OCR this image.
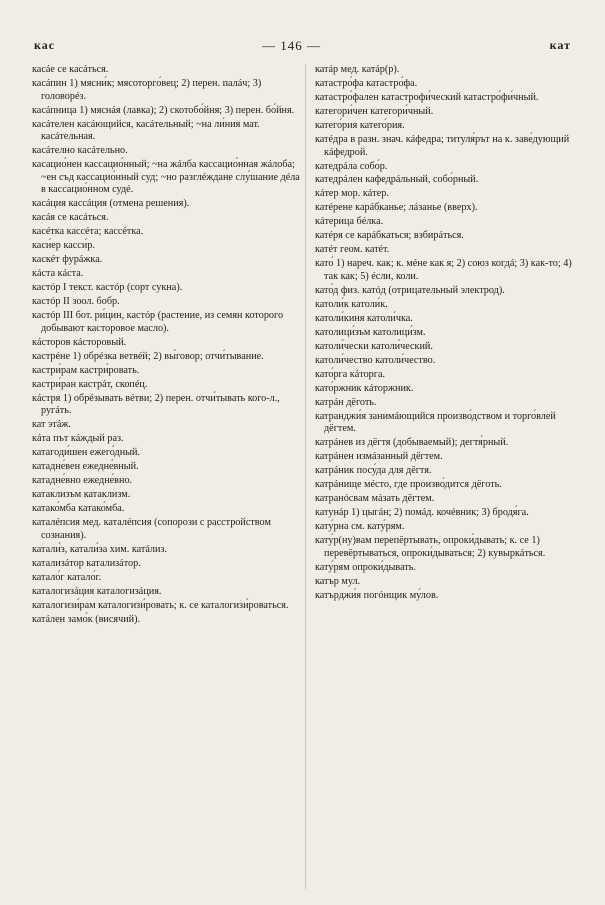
кас	— 146 —	кат

касáе се касáться.

касáпин 1) мясни́к; мясоторго́вец; 2) перен. палáч; 3) головорéз.

касáпница 1) мяснáя (лавка); 2) скотобо́йня; 3) перен. бо́йня.

касáтелен касáющийся, касáтельный; ~на ли́ния мат. касáтельная.

касáтелно касáтельно.

касацио́нен кассацио́нный; ~на жáлба кассацио́нная жáлоба; ~ен съд кассацио́нный суд; ~но разглéждане слу́шание дéла в кассацио́нном судé.

касáция кассáция (отмена решения).

касáя се касáться.

касéтка кассéта; кассéтка.

каси́ер касси́р.

каскéт фурáжка.

кáста кáста.

кастóр I текст. кастóр (сорт сукна).

кастóр II зоол. бобр.

кастóр III бот. ри́цин, кастóр (растение, из семян которого добывают касторовое масло).

кáсторов кáсторовый.

кастрéне 1) обрéзка ветвéй; 2) вы́говор; отчи́тывание.

кастри́рам кастри́ровать.

кастри́ран кастрáт, скопéц.

кáстря 1) обрéзывать вéтви; 2) перен. отчи́тывать кого-л., ругáть.

кат этáж.

кáта път кáждый раз.

катагоди́шен ежего́дный.

катадне́вен ежедне́вный.

катадне́вно ежедне́вно.

катаклизъм катаклизм.

катако́мба катако́мба.

каталéпсия мед. каталéпсия (сопорози с расстройством сознания).

катали́з, катали́за хим. катáлиз.

катализáтор катализáтор.

катало́г катало́г.

каталогизáция каталогизáция.

каталогизи́рам каталогизи́ровать; к. се каталогизи́роваться.

катáлен замо́к (висячий).

катáр мед. катáр(р).

катастро́фа катастро́фа.

катастро́фален катастрофи́ческий катастро́фи́чный.

категори́чен категори́чный.

катего́рия катего́рия.

катéдра в разн. знач. кáфедра; титуля́рът на к. заве́дующий кáфедрой.

катедрáла собо́р.

катедрáлен кафедрáльный, собо́рный.

кáтер мор. кáтер.

катéрене карáбканье; лáзанье (вверх).

кáтерица бéлка.

катéря се карáбкаться; взбирáться.

катéт геом. катéт.

като́ 1) нареч. как; к. мéне как я; 2) союз когдá; 3) как-то; 4) так как; 5) éсли, коли.

като́д физ. катóд (отрицательный электрод).

католи́к католи́к.

католи́киня католи́чка.

католици́зъм католици́зм.

католи́чески католи́ческий.

католи́чество католи́чество.

като́рга кáторга.

като́ржник кáторжник.

катрáн дёготь.

катранджи́я занимáющийся произво́дством и торго́влей дёгтем.

катрáнев из дёгтя (добываемый); дегтя́рный.

катрáнен измáзанный дёгтем.

катрáник посу́да для дёгтя.

катрáнище мéсто, где произво́дится дёготь.

катранóсвам мáзать дёгтем.

катунáр 1) цыгáн; 2) помáд. кочéвник; 3) бродя́га.

кату́рна см. кату́рям.

кату́р(ну)вам перепёртывать, опроки́дывать; к. се 1) перевёртываться, опроки́дываться; 2) кувыркáться.

кату́рям опроки́дывать.

катър мул.

катърджи́я погóнщик му́лов.
